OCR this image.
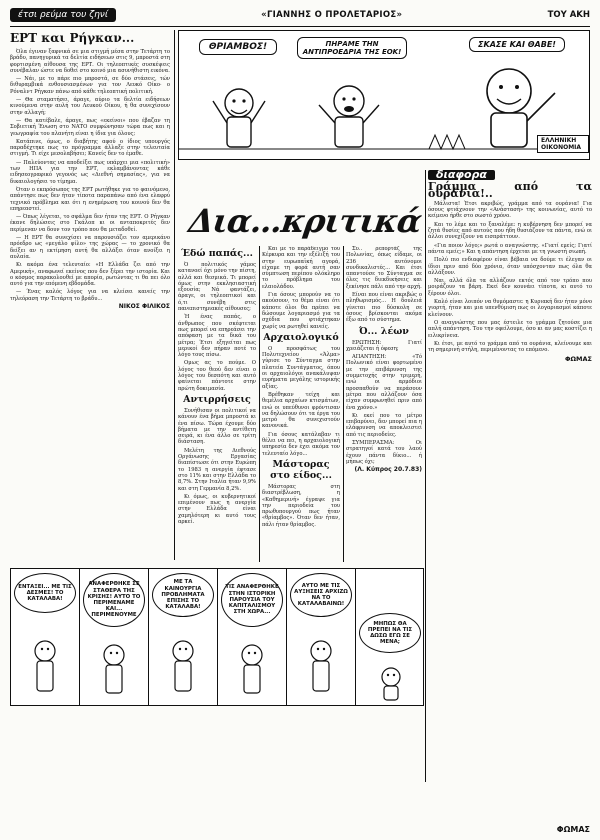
έτσι ρεύμα του ζηνί	«ΓΙΑΝΝΗΣ Ο ΠΡΟΛΕΤΑΡΙΟΣ»	ΤΟΥ ΑΚΗ
ΕΡΤ και Ρήγκαν...

Όλα έγιναν ξαφνικά σε μια στιγμή μέσα στην Τετάρτη το βράδυ, πανηγυρικά τα δελτία ειδήσεων στις 9, μπροστά στη φορτισμένη αίθουσα της ΕΡΤ. Οι τηλεοπτικές συσκέψεις συνέβαλαν ώστε να δοθεί στο κοινό μια ασυνήθιστη εικόνα.

— Νάι, με το πάρε πιο μπροστά, σε δύο στάσεις, τών διθυραμβικά ενθουσιασμένων για τον Λευκό Οίκο· ο Ρόναλντ Ρήγκαν πάνω από κάθε τηλεοπτική πολιτική.

— Θα σταματήσει, άραγε, αύριο τα δελτία ειδήσεων κινούμενα στην αυλή του Λευκού Οίκου, ή θα συνεχίσουν στην αλλαγή;

— Θα κατέβαλε, άραγε, πως «εκείνοι» που έβαζαν τη Σοβιετική Ένωση στο ΝΑΤΟ συμφώνησαν τώρα πως και η γεωγραφία του πλανήτη είναι η ίδια για όλους;

Κατάπινε, όμως, ο διαβήτης αφού ο ίδιος υπουργός παραδέχτηκε πως το πρόγραμμα άλλαξε στην τελευταία στιγμή. Τι είχε μεσολαβήσει; Κανείς δεν το έμαθε.

— Παλεύοντας να αποδείξει πως υπάρχει μια «πολιτική» των ΗΠΑ για την ΕΡΤ, εκλαμβάνοντας κάθε ειδησεογραφικό γεγονός ως «Διεθνή σημασίας», για να δικαιολογήσει το τίμημα.

Όταν ο εκπρόσωπος της ΕΡΤ ρωτήθηκε για το φαινόμενο, απάντησε πως δεν ήταν τίποτα παραπάνω από ένα ελαφρύ τεχνικό πρόβλημα και ότι η ενημέρωση του κοινού δεν θα επηρεαστεί.

— Όπως λέγεται, το σφάλμα δεν ήταν της ΕΡΤ. Ο Ρήγκαν έκανε δηλώσεις στο Γκάλοπ κι οι ανταποκριτές δεν περίμεναν να δουν τον τρόπο που θα μεταδοθεί.

— Η ΕΡΤ θα συνεχίσει να παρουσιάζει τον αμερικάνο πρόεδρο ως «μεγάλο φίλο» της χώρας — το χρονικό θα δείξει αν η εκτίμηση αυτή θα αλλάξει όταν ανοίξει η αυλαία.

Κι ακόμα ένα τελευταίο: «Η Ελλάδα ζει από την Αμερική», αναφωνεί εκείνος που δεν ξέρει την ιστορία. Και ο κόσμος παρακολουθεί με απορία, ρωτώντας τι θα πει όλο αυτό για την επόμενη εβδομάδα.

— Ένας καλός λόγος για να κλείσει κανείς την τηλεόραση την Τετάρτη το βράδυ...

ΝΙΚΟΣ ΦΙΛΙΚΟΣ
ΘΡΙΑΜΒΟΣ!	ΠΗΡΑΜΕ ΤΗΝ ΑΝΤΙΠΡΟΕΔΡΙΑ ΤΗΣ ΕΟΚ!
ΣΚΑΣΕ ΚΑΙ ΘΑΒΕ!
ΕΛΛΗΝΙΚΗ ΟΙΚΟΝΟΜΙΑ
Δια...κριτικά
Έδώ παπάς...

Ό πολιτικός γάμος κατανοεί όχι μόνο την πίστη, αλλά και θεσμικά. Τι μπορεί όμως στην εκκλησιαστική εξουσία; Νά φαντάζει, άραγε, οι τηλεοπτικοί και ό,τι συνέβη στις πανεπιστημιακές αίθουσες;

Ή ένας παπάς, ο άνθρωπος που σκέφτεται πως μπορεί να επηρεάσει την απόφαση με τα δικά του μέτρα; Έτσι εξηγείται πως μερικοί δεν πήραν ποτέ το λόγο τους πίσω.

Ομως ας το πούμε. Ο λόγος του θεού δεν είναι ο λόγος του δεσπότη και αυτό φαίνεται πάντοτε στην πρώτη δοκιμασία.

Αντιρρήσεις

Συνήθισαν οι πολιτικοί να κάνουν ένα βήμα μπροστά κι ένα πίσω. Τώρα έχουμε δύο βήματα με την αντίθετη σειρά, κι ένα άλλο σε τρίτη διάσταση.

Μελέτη της Διεθνούς Οργάνωσης Εργασίας διαπίστωσε ότι στην Ευρώπη το 1983 η ανεργία έφτασε στο 11% και στην Ελλάδα το 8,7%. Στην Ιταλία ήταν 9,9% και στη Γερμανία 8,2%.

Κι όμως, οι κυβερνητικοί επιμένουν πως η ανεργία στην Ελλάδα είναι χαμηλότερη κι αυτό τους αρκεί.

Και με το παράδειγμο του Κέρκυρα και την εξέλιξή του στην ευρωπαϊκή αγορά, είχαμε τη φορά αυτή σαν σύμπτωση περίπου ολόκληρο το πρόβλημα του ελαιολάδου.

Για όσους μπορούν να το ακούσουν, το θέμα είναι ότι κάποτε όλοι θα πρέπει να δώσουμε λογαριασμό για τα σχέδια που φτιάχτηκαν χωρίς να ρωτηθεί κανείς.

Αρχαιολογικό

Ο προσφάτως του Πολυτεχνείου «Άλμα» γύρισε το Σύνταγμα στην πλατεία Συντάγματος, όπου οι αρχαιολόγοι ανακάλυψαν ευρήματα μεγάλης ιστορικής αξίας.

Βρέθηκαν τείχη και θεμέλια αρχαίων κτισμάτων, ενώ οι υπεύθυνοι φρόντισαν να δηλώσουν ότι τα έργα του μετρό θα συνεχιστούν κανονικά.

Για όσους κατάλαβαν τι θέλει να πει, η αρχαιολογική υπηρεσία δεν έχει ακόμα τον τελευταίο λόγο...

Μάστορας στο είδος...

Μάστορας στη διαστρέβλωση, η «Καθημερινή» έγραψε για την περιοδεία του πρωθυπουργού πως ήταν «θρίαμβος». Όταν δεν ήταν, πάλι ήταν θρίαμβος.

Συ.. ρεπορτάζ της Πολωνίας, όπως είδαμε, οι 236 αυτόνομοι συνδικαλιστές... Και έτσι απαντούσε το Σύνταγμα σε όλες τις διεκδικήσεις και ξεκίνησε πάλι από την αρχή.

Είναι που είναι ακριβώς ο πληθωρισμός... Η δουλειά γίνεται πιο δύσκολη σε όσους βρίσκονται ακόμα έξω από το σύστημα.

Ό... λέων

ΕΡΩΤΗΣΗ: Γιατί χρειάζεται ή όφεση;

ΑΠΑΝΤΗΣΗ: «Τό Πολωνικό είναι φορτωμένο με την επιβάρυνση της συμμετοχής στην τριμερή, ενώ οι αρμόδιοι προσπαθούν να περάσουν μέτρα που αλλάζουν όσα είχαν συμφωνηθεί πριν από ένα χρόνο.»

Κι εκεί που το μέτρο επιβαρύνει, δεν μπορεί πια η ελάφρυνση να αποκλειστεί από τις περιοδείες.

ΣΥΜΠΕΡΑΣΜΑ: Οι στρατηγοί κατά του λαού έχουν πάντα δίκιο... ή μήπως όχι;

(Λ. Κύπρος 20.7.83)
διαφορα
Γράμμα από τα ουράνια!..

Μάλιστα! Έτσι ακριβώς, γράμμα από τα ουράνια! Για όσους φτιάχνουν την «Ανάστασή» της κοινωνίας, αυτό το κείμενο ήρθε στο σωστό χρόνο.

Και το λέμε και το ξαναλέμε: η κυβέρνηση δεν μπορεί να ζητά θυσίες από αυτούς που ήδη θυσιάζουν τα πάντα, ενώ οι άλλοι συνεχίζουν να εισπράττουν.

«Για ποιον λόγο;» ρωτά ο αναγνώστης. «Γιατί εμείς; Γιατί πάντα εμείς;» Και η απάντηση έρχεται με τη γνωστή σιωπή.

Πολύ πιο ενδιαφέρον είναι βέβαια να δούμε τι έλεγαν οι ίδιοι πριν από δύο χρόνια, όταν υπόσχονταν πως όλα θα αλλάξουν.

Ναι, αλλά όλα τα αλλάζουν εκτός από τον τρόπο που μοιράζουν τα βάρη. Εκεί δεν κουνάει τίποτα, κι αυτό το ξέρουν όλοι.

Καλό είναι λοιπόν να θυμόμαστε: η Κυριακή δεν ήταν μόνο γιορτή, ήταν και μια υπενθύμιση πως οι λογαριασμοί κάποτε κλείνουν.

Ο αναγνώστης που μας έστειλε το γράμμα ζητούσε μια απλή απάντηση. Του την οφείλουμε, όσο κι αν μας κοστίζει η ειλικρίνεια.

Κι έτσι, με αυτό το γράμμα από τα ουράνια, κλείνουμε και τη σημερινή στήλη, περιμένοντας το επόμενο.

ΦΩΜΑΣ
ΕΝΤΑΞΕΙ... ΜΕ ΤΙΣ ΔΕΣΜΕΣ! ΤΟ ΚΑΤΑΛΑΒΑ!
ΑΝΑΦΕΡΘΗΚΕ ΣΕ ΣΤΑΘΕΡΑ ΤΗΣ ΚΡΙΣΗΣ! ΑΥΤΟ ΤΟ ΠΕΡΙΜΕΝΑΜΕ ΚΑΙ... ΠΕΡΙΜΕΝΟΥΜΕ
ΜΕ ΤΑ ΚΑΙΝΟΥΡΓΙΑ ΠΡΟΒΛΗΜΑΤΑ ΕΠΙΣΗΣ ΤΟ ΚΑΤΑΛΑΒΑ!
ΤΙΣ ΑΝΑΦΕΡΘΗΚΕ ΣΤΗΝ ΙΣΤΟΡΙΚΗ ΠΑΡΟΥΣΙΑ ΤΟΥ ΚΑΠΙΤΑΛΙΣΜΟΥ ΣΤΗ ΧΩΡΑ...
ΑΥΤΟ ΜΕ ΤΙΣ ΑΥΞΗΣΕΙΣ ΑΡΧΙΖΩ ΝΑ ΤΟ ΚΑΤΑΛΑΒΑΙΝΩ!
ΜΗΠΩΣ ΘΑ ΠΡΕΠΕΙ ΝΑ ΤΙΣ ΔΩΣΩ ΕΓΩ ΣΕ ΜΕΝΑ;
ΦΩΜΑΣ
